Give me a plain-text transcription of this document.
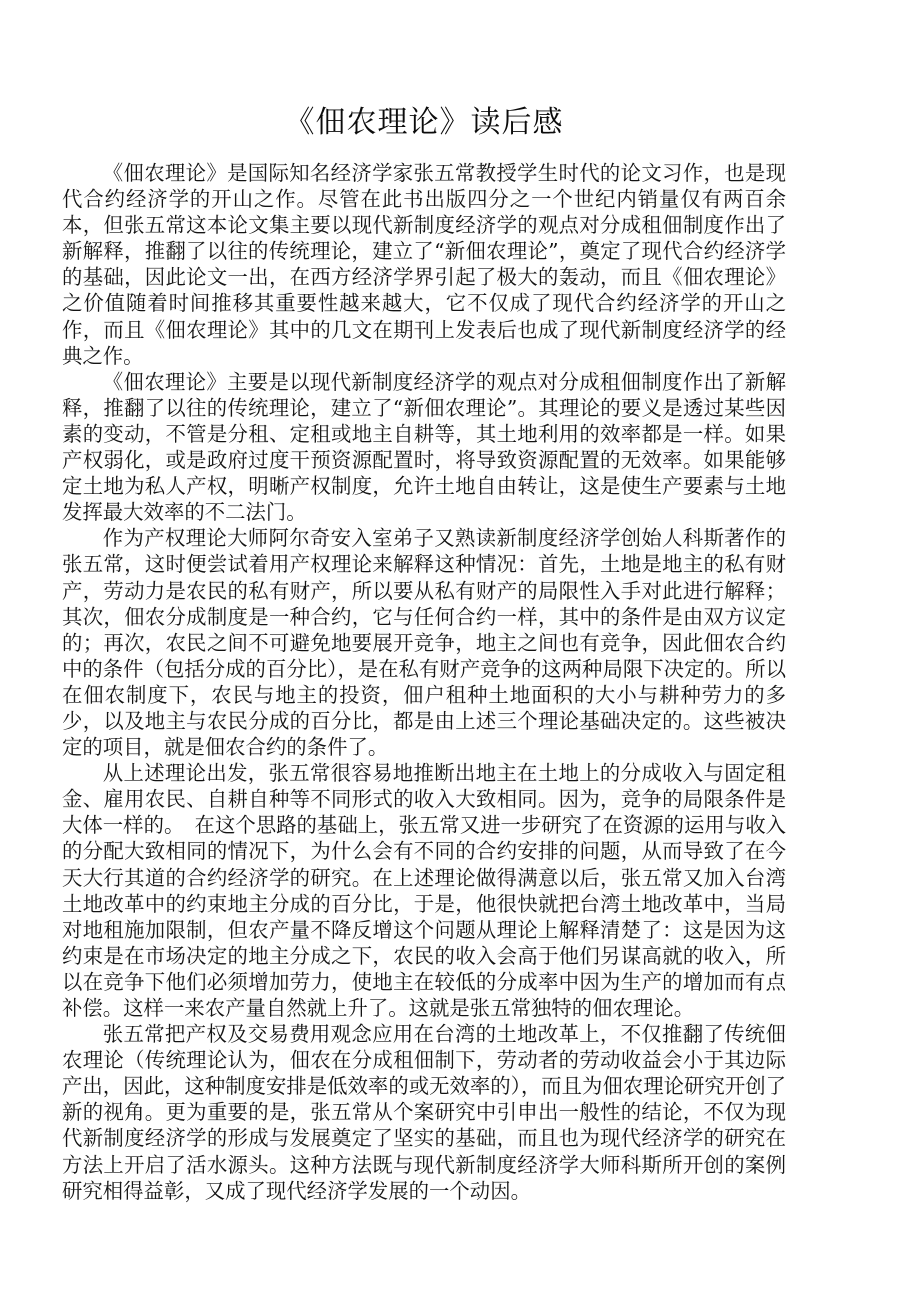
《佃农理论》读后感

《佃农理论》是国际知名经济学家张五常教授学生时代的论文习作，也是现代合约经济学的开山之作。尽管在此书出版四分之一个世纪内销量仅有两百余本，但张五常这本论文集主要以现代新制度经济学的观点对分成租佃制度作出了新解释，推翻了以往的传统理论，建立了“新佃农理论”，奠定了现代合约经济学的基础，因此论文一出，在西方经济学界引起了极大的轰动，而且《佃农理论》之价值随着时间推移其重要性越来越大，它不仅成了现代合约经济学的开山之作，而且《佃农理论》其中的几文在期刊上发表后也成了现代新制度经济学的经典之作。

《佃农理论》主要是以现代新制度经济学的观点对分成租佃制度作出了新解释，推翻了以往的传统理论，建立了“新佃农理论”。其理论的要义是透过某些因素的变动，不管是分租、定租或地主自耕等，其土地利用的效率都是一样。如果产权弱化，或是政府过度干预资源配置时，将导致资源配置的无效率。如果能够定土地为私人产权，明晰产权制度，允许土地自由转让，这是使生产要素与土地发挥最大效率的不二法门。

作为产权理论大师阿尔奇安入室弟子又熟读新制度经济学创始人科斯著作的张五常，这时便尝试着用产权理论来解释这种情况：首先，土地是地主的私有财产，劳动力是农民的私有财产，所以要从私有财产的局限性入手对此进行解释；其次，佃农分成制度是一种合约，它与任何合约一样，其中的条件是由双方议定的；再次，农民之间不可避免地要展开竞争，地主之间也有竞争，因此佃农合约中的条件（包括分成的百分比），是在私有财产竞争的这两种局限下决定的。所以在佃农制度下，农民与地主的投资，佃户租种土地面积的大小与耕种劳力的多少，以及地主与农民分成的百分比，都是由上述三个理论基础决定的。这些被决定的项目，就是佃农合约的条件了。

从上述理论出发，张五常很容易地推断出地主在土地上的分成收入与固定租金、雇用农民、自耕自种等不同形式的收入大致相同。因为，竞争的局限条件是大体一样的。　在这个思路的基础上，张五常又进一步研究了在资源的运用与收入的分配大致相同的情况下，为什么会有不同的合约安排的问题，从而导致了在今天大行其道的合约经济学的研究。在上述理论做得满意以后，张五常又加入台湾土地改革中的约束地主分成的百分比，于是，他很快就把台湾土地改革中，当局对地租施加限制，但农产量不降反增这个问题从理论上解释清楚了：这是因为这约束是在市场决定的地主分成之下，农民的收入会高于他们另谋高就的收入，所以在竞争下他们必须增加劳力，使地主在较低的分成率中因为生产的增加而有点补偿。这样一来农产量自然就上升了。这就是张五常独特的佃农理论。

张五常把产权及交易费用观念应用在台湾的土地改革上，不仅推翻了传统佃农理论（传统理论认为，佃农在分成租佃制下，劳动者的劳动收益会小于其边际产出，因此，这种制度安排是低效率的或无效率的），而且为佃农理论研究开创了新的视角。更为重要的是，张五常从个案研究中引申出一般性的结论，不仅为现代新制度经济学的形成与发展奠定了坚实的基础，而且也为现代经济学的研究在方法上开启了活水源头。这种方法既与现代新制度经济学大师科斯所开创的案例研究相得益彰，又成了现代经济学发展的一个动因。
